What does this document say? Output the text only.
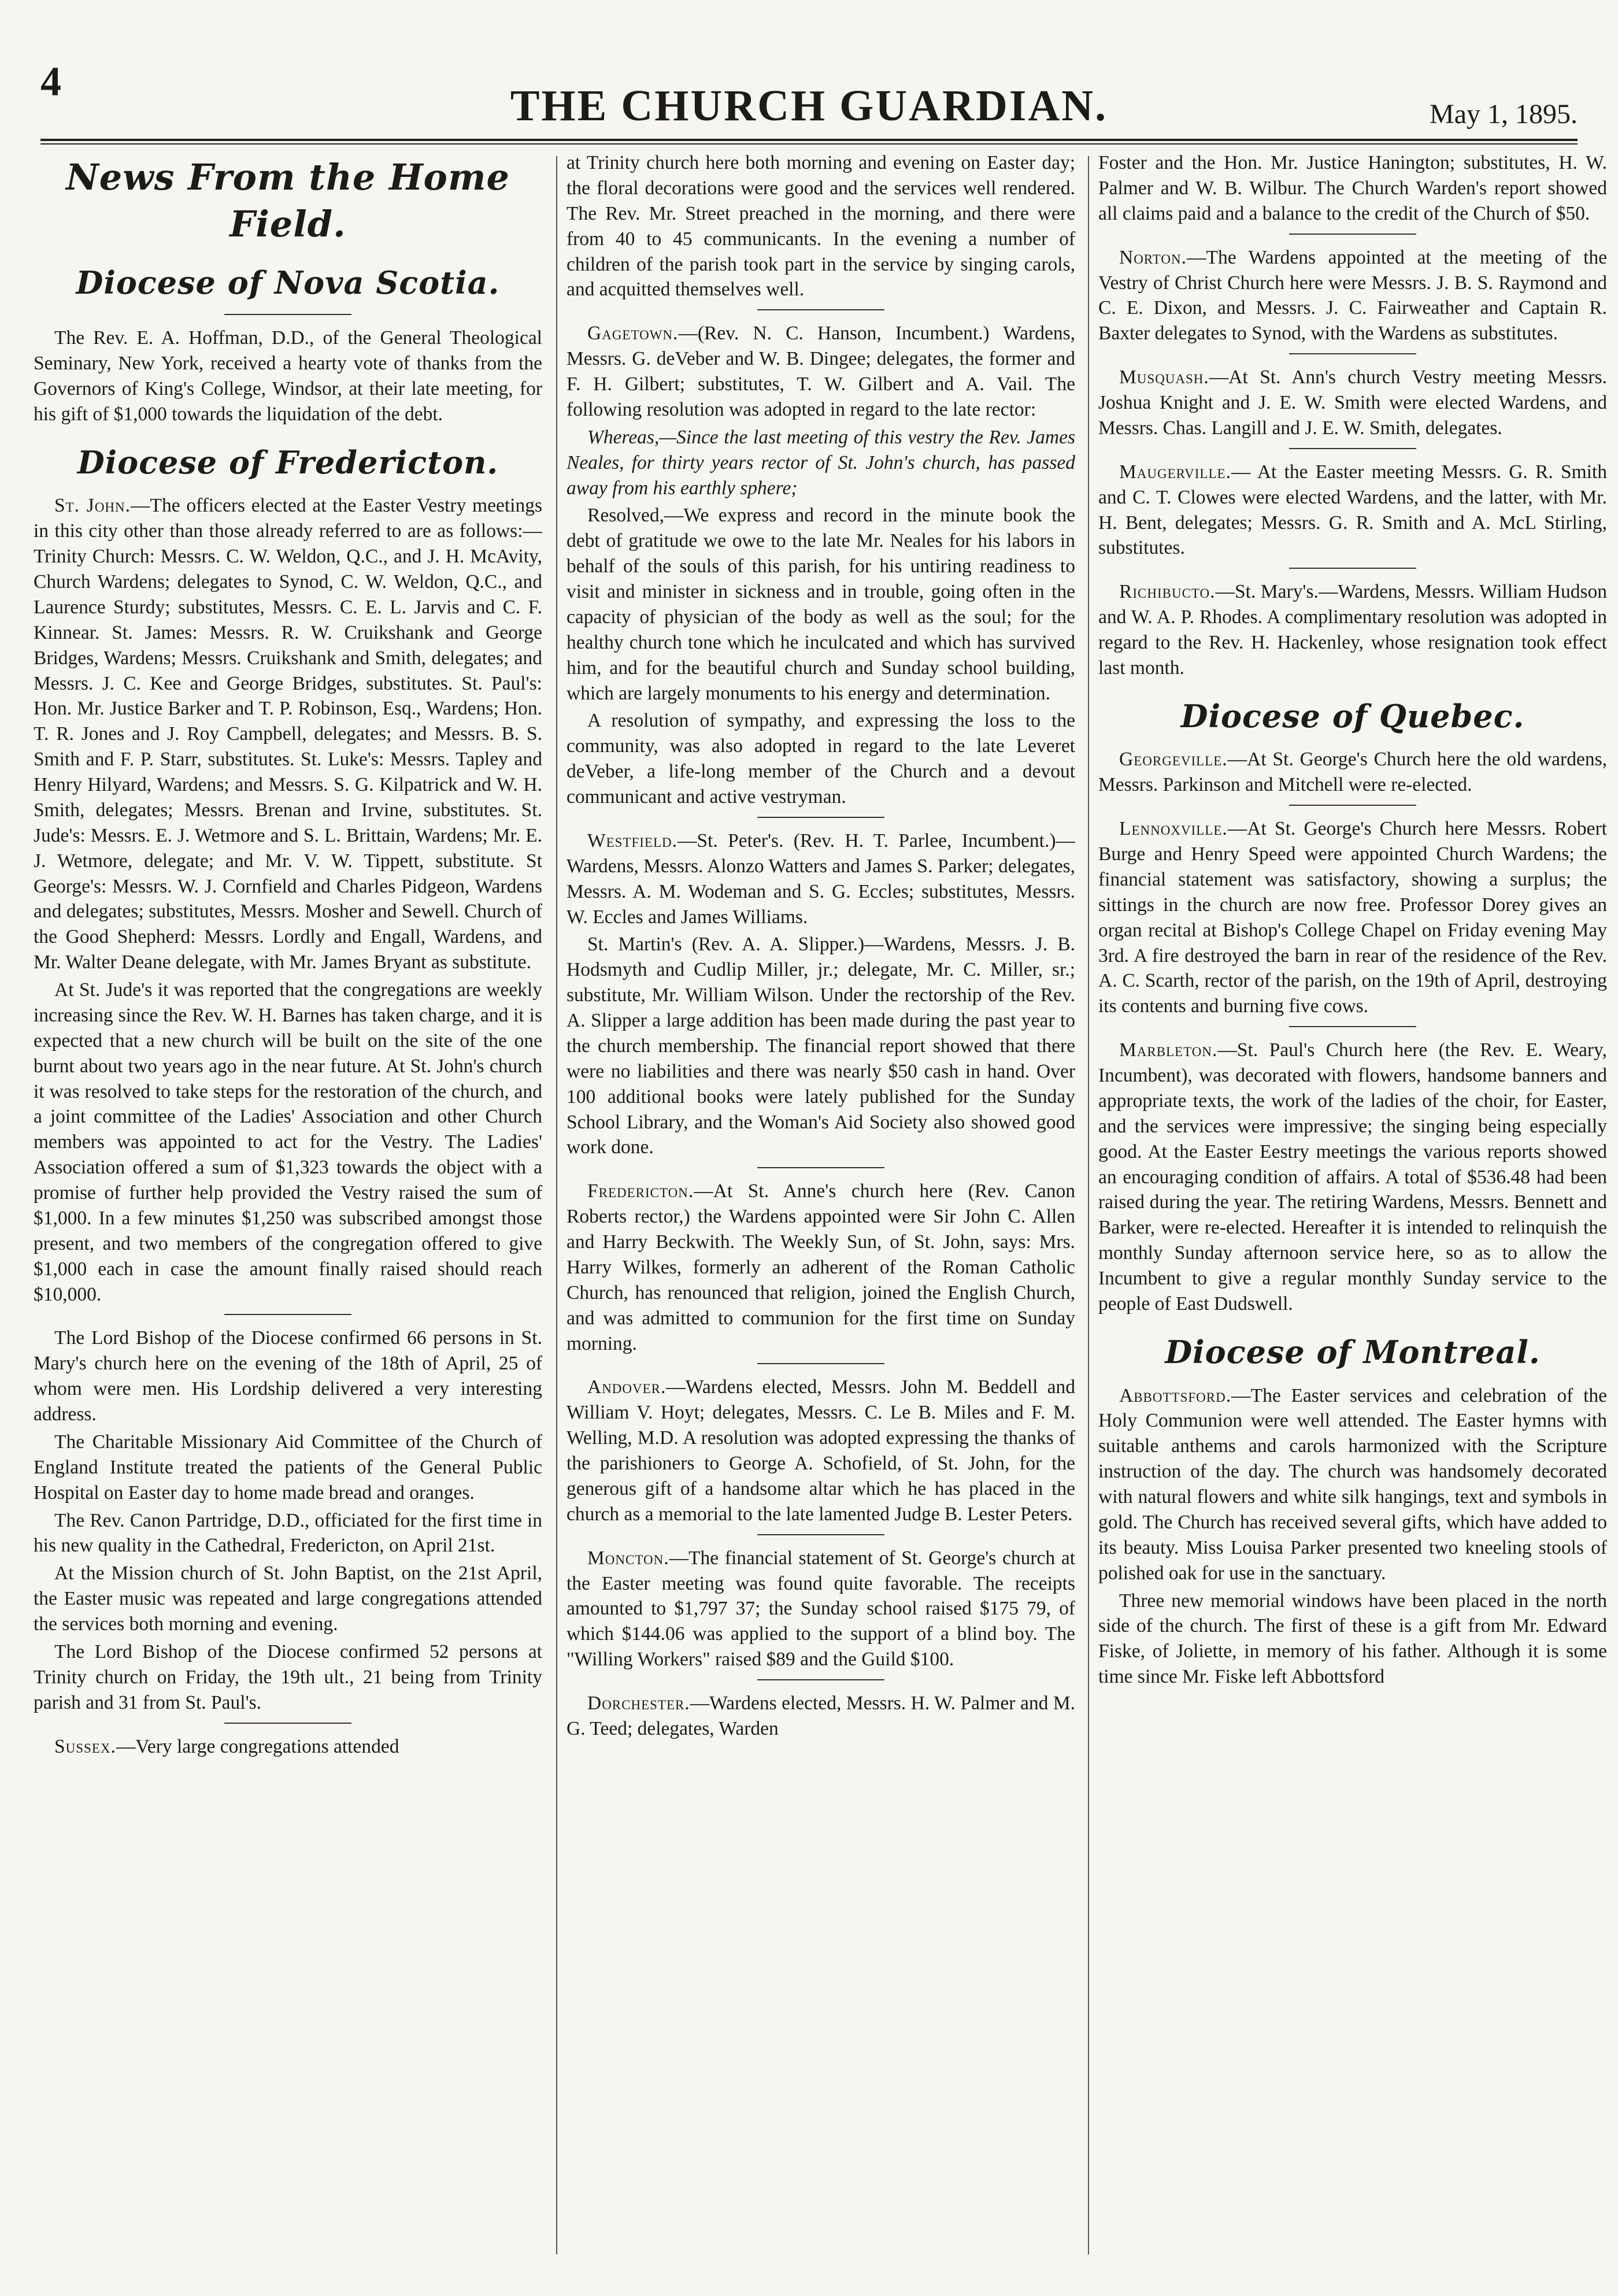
4	THE CHURCH GUARDIAN.	May 1, 1895.
News From the Home Field.
Diocese of Nova Scotia.

The Rev. E. A. Hoffman, D.D., of the General Theological Seminary, New York, received a hearty vote of thanks from the Governors of King's College, Windsor, at their late meeting, for his gift of $1,000 towards the liquidation of the debt.

Diocese of Fredericton.

St. John.—The officers elected at the Easter Vestry meetings in this city other than those already referred to are as follows:—Trinity Church: Messrs. C. W. Weldon, Q.C., and J. H. McAvity, Church Wardens; delegates to Synod, C. W. Weldon, Q.C., and Laurence Sturdy; substitutes, Messrs. C. E. L. Jarvis and C. F. Kinnear. St. James: Messrs. R. W. Cruikshank and George Bridges, Wardens; Messrs. Cruikshank and Smith, delegates; and Messrs. J. C. Kee and George Bridges, substitutes. St. Paul's: Hon. Mr. Justice Barker and T. P. Robinson, Esq., Wardens; Hon. T. R. Jones and J. Roy Campbell, delegates; and Messrs. B. S. Smith and F. P. Starr, substitutes. St. Luke's: Messrs. Tapley and Henry Hilyard, Wardens; and Messrs. S. G. Kilpatrick and W. H. Smith, delegates; Messrs. Brenan and Irvine, substitutes. St. Jude's: Messrs. E. J. Wetmore and S. L. Brittain, Wardens; Mr. E. J. Wetmore, delegate; and Mr. V. W. Tippett, substitute. St George's: Messrs. W. J. Cornfield and Charles Pidgeon, Wardens and delegates; substitutes, Messrs. Mosher and Sewell. Church of the Good Shepherd: Messrs. Lordly and Engall, Wardens, and Mr. Walter Deane delegate, with Mr. James Bryant as substitute.

At St. Jude's it was reported that the congregations are weekly increasing since the Rev. W. H. Barnes has taken charge, and it is expected that a new church will be built on the site of the one burnt about two years ago in the near future. At St. John's church it was resolved to take steps for the restoration of the church, and a joint committee of the Ladies' Association and other Church members was appointed to act for the Vestry. The Ladies' Association offered a sum of $1,323 towards the object with a promise of further help provided the Vestry raised the sum of $1,000. In a few minutes $1,250 was subscribed amongst those present, and two members of the congregation offered to give $1,000 each in case the amount finally raised should reach $10,000.

The Lord Bishop of the Diocese confirmed 66 persons in St. Mary's church here on the evening of the 18th of April, 25 of whom were men. His Lordship delivered a very interesting address.

The Charitable Missionary Aid Committee of the Church of England Institute treated the patients of the General Public Hospital on Easter day to home made bread and oranges.

The Rev. Canon Partridge, D.D., officiated for the first time in his new quality in the Cathedral, Fredericton, on April 21st.

At the Mission church of St. John Baptist, on the 21st April, the Easter music was repeated and large congregations attended the services both morning and evening.

The Lord Bishop of the Diocese confirmed 52 persons at Trinity church on Friday, the 19th ult., 21 being from Trinity parish and 31 from St. Paul's.

Sussex.—Very large congregations attended

at Trinity church here both morning and evening on Easter day; the floral decorations were good and the services well rendered. The Rev. Mr. Street preached in the morning, and there were from 40 to 45 communicants. In the evening a number of children of the parish took part in the service by singing carols, and acquitted themselves well.

Gagetown.—(Rev. N. C. Hanson, Incumbent.) Wardens, Messrs. G. deVeber and W. B. Dingee; delegates, the former and F. H. Gilbert; substitutes, T. W. Gilbert and A. Vail. The following resolution was adopted in regard to the late rector:

Whereas,—Since the last meeting of this vestry the Rev. James Neales, for thirty years rector of St. John's church, has passed away from his earthly sphere;

Resolved,—We express and record in the minute book the debt of gratitude we owe to the late Mr. Neales for his labors in behalf of the souls of this parish, for his untiring readiness to visit and minister in sickness and in trouble, going often in the capacity of physician of the body as well as the soul; for the healthy church tone which he inculcated and which has survived him, and for the beautiful church and Sunday school building, which are largely monuments to his energy and determination.

A resolution of sympathy, and expressing the loss to the community, was also adopted in regard to the late Leveret deVeber, a life-long member of the Church and a devout communicant and active vestryman.

Westfield.—St. Peter's. (Rev. H. T. Parlee, Incumbent.)—Wardens, Messrs. Alonzo Watters and James S. Parker; delegates, Messrs. A. M. Wodeman and S. G. Eccles; substitutes, Messrs. W. Eccles and James Williams.

St. Martin's (Rev. A. A. Slipper.)—Wardens, Messrs. J. B. Hodsmyth and Cudlip Miller, jr.; delegate, Mr. C. Miller, sr.; substitute, Mr. William Wilson. Under the rectorship of the Rev. A. Slipper a large addition has been made during the past year to the church membership. The financial report showed that there were no liabilities and there was nearly $50 cash in hand. Over 100 additional books were lately published for the Sunday School Library, and the Woman's Aid Society also showed good work done.

Fredericton.—At St. Anne's church here (Rev. Canon Roberts rector,) the Wardens appointed were Sir John C. Allen and Harry Beckwith. The Weekly Sun, of St. John, says: Mrs. Harry Wilkes, formerly an adherent of the Roman Catholic Church, has renounced that religion, joined the English Church, and was admitted to communion for the first time on Sunday morning.

Andover.—Wardens elected, Messrs. John M. Beddell and William V. Hoyt; delegates, Messrs. C. Le B. Miles and F. M. Welling, M.D. A resolution was adopted expressing the thanks of the parishioners to George A. Schofield, of St. John, for the generous gift of a handsome altar which he has placed in the church as a memorial to the late lamented Judge B. Lester Peters.

Moncton.—The financial statement of St. George's church at the Easter meeting was found quite favorable. The receipts amounted to $1,797 37; the Sunday school raised $175 79, of which $144.06 was applied to the support of a blind boy. The "Willing Workers" raised $89 and the Guild $100.

Dorchester.—Wardens elected, Messrs. H. W. Palmer and M. G. Teed; delegates, Warden

Foster and the Hon. Mr. Justice Hanington; substitutes, H. W. Palmer and W. B. Wilbur. The Church Warden's report showed all claims paid and a balance to the credit of the Church of $50.

Norton.—The Wardens appointed at the meeting of the Vestry of Christ Church here were Messrs. J. B. S. Raymond and C. E. Dixon, and Messrs. J. C. Fairweather and Captain R. Baxter delegates to Synod, with the Wardens as substitutes.

Musquash.—At St. Ann's church Vestry meeting Messrs. Joshua Knight and J. E. W. Smith were elected Wardens, and Messrs. Chas. Langill and J. E. W. Smith, delegates.

Maugerville.— At the Easter meeting Messrs. G. R. Smith and C. T. Clowes were elected Wardens, and the latter, with Mr. H. Bent, delegates; Messrs. G. R. Smith and A. McL Stirling, substitutes.

Richibucto.—St. Mary's.—Wardens, Messrs. William Hudson and W. A. P. Rhodes. A complimentary resolution was adopted in regard to the Rev. H. Hackenley, whose resignation took effect last month.

Diocese of Quebec.

Georgeville.—At St. George's Church here the old wardens, Messrs. Parkinson and Mitchell were re-elected.

Lennoxville.—At St. George's Church here Messrs. Robert Burge and Henry Speed were appointed Church Wardens; the financial statement was satisfactory, showing a surplus; the sittings in the church are now free. Professor Dorey gives an organ recital at Bishop's College Chapel on Friday evening May 3rd. A fire destroyed the barn in rear of the residence of the Rev. A. C. Scarth, rector of the parish, on the 19th of April, destroying its contents and burning five cows.

Marbleton.—St. Paul's Church here (the Rev. E. Weary, Incumbent), was decorated with flowers, handsome banners and appropriate texts, the work of the ladies of the choir, for Easter, and the services were impressive; the singing being especially good. At the Easter Eestry meetings the various reports showed an encouraging condition of affairs. A total of $536.48 had been raised during the year. The retiring Wardens, Messrs. Bennett and Barker, were re-elected. Hereafter it is intended to relinquish the monthly Sunday afternoon service here, so as to allow the Incumbent to give a regular monthly Sunday service to the people of East Dudswell.

Diocese of Montreal.

Abbottsford.—The Easter services and celebration of the Holy Communion were well attended. The Easter hymns with suitable anthems and carols harmonized with the Scripture instruction of the day. The church was handsomely decorated with natural flowers and white silk hangings, text and symbols in gold. The Church has received several gifts, which have added to its beauty. Miss Louisa Parker presented two kneeling stools of polished oak for use in the sanctuary.

Three new memorial windows have been placed in the north side of the church. The first of these is a gift from Mr. Edward Fiske, of Joliette, in memory of his father. Although it is some time since Mr. Fiske left Abbottsford
